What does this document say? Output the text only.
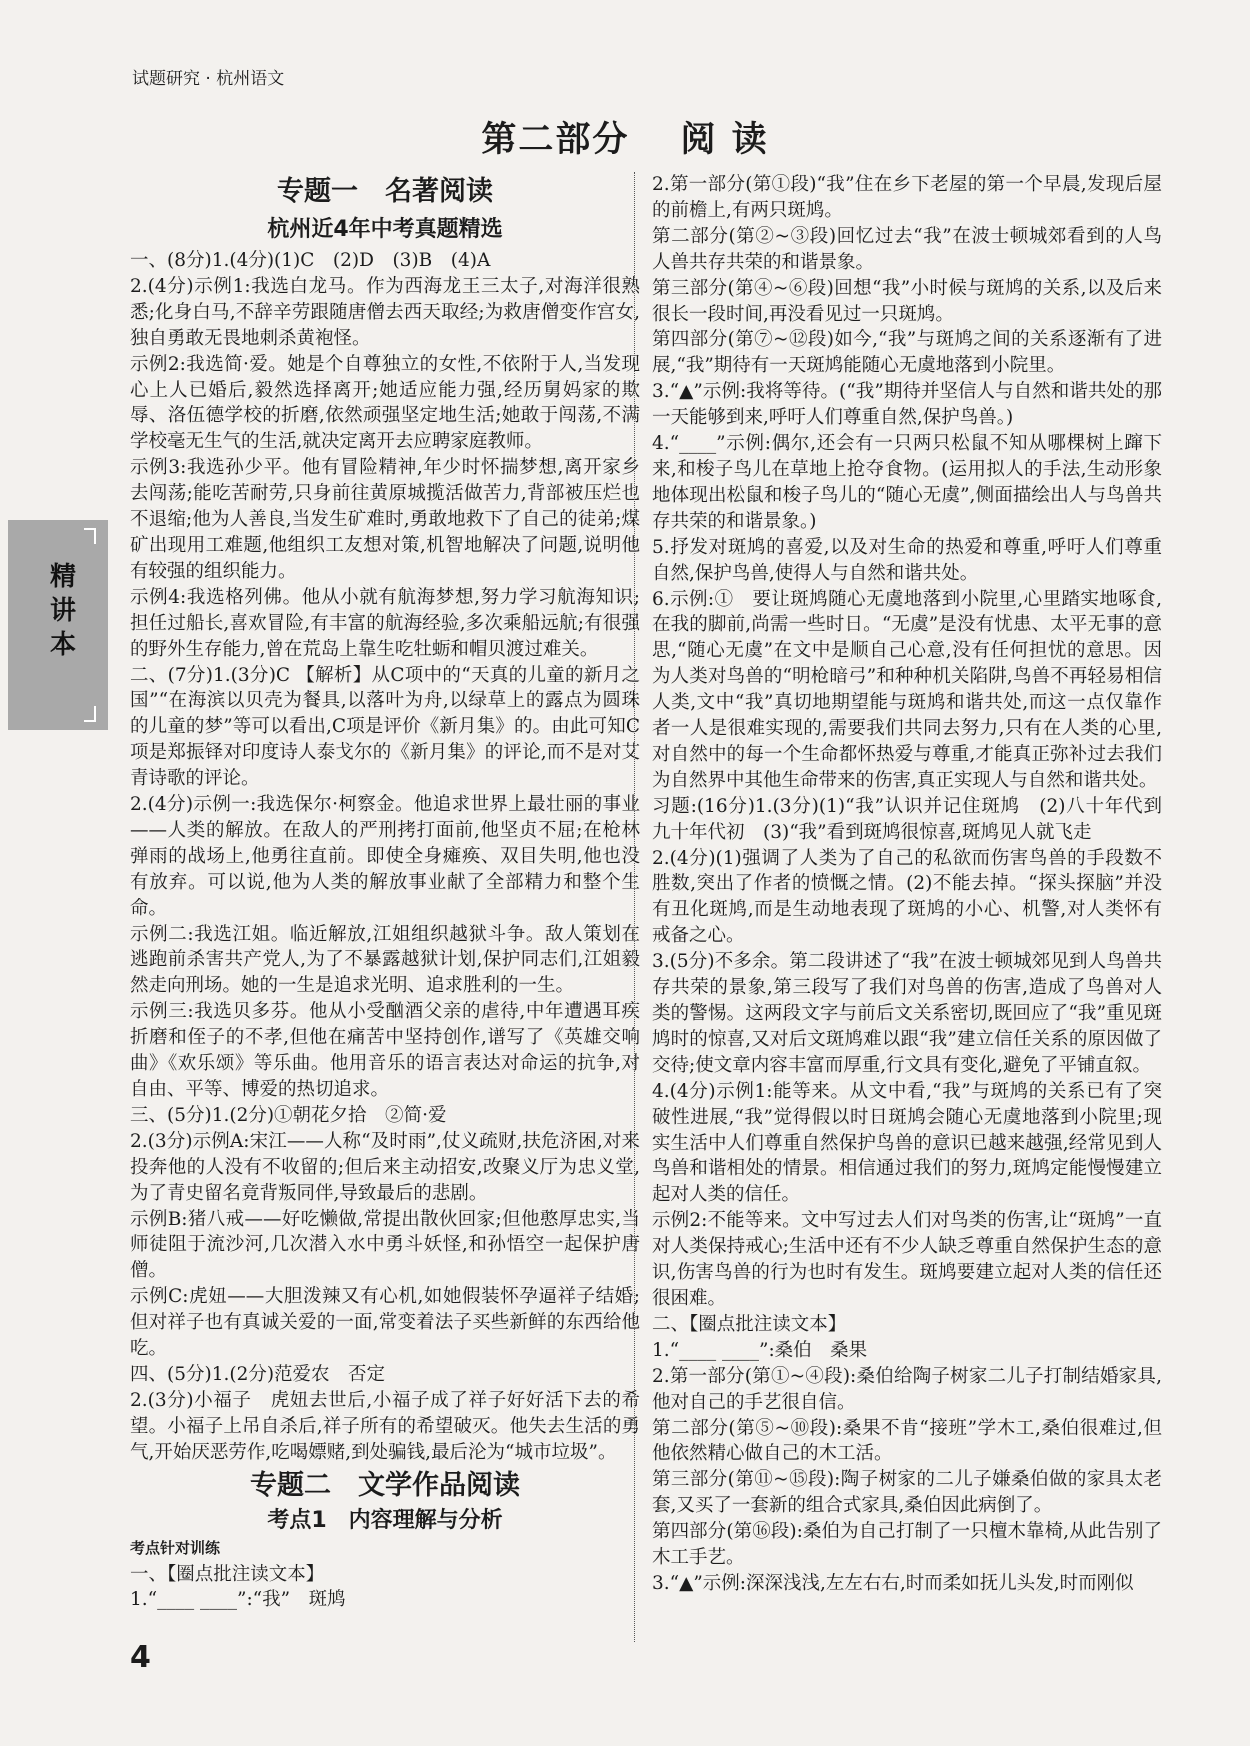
试题研究 · 杭州语文
第二部分　 阅 读
精讲本
专题一　名著阅读
杭州近4年中考真题精选
一、(8分)1.(4分)(1)C　(2)D　(3)B　(4)A
2.(4分)示例1:我选白龙马。作为西海龙王三太子,对海洋很熟悉;化身白马,不辞辛劳跟随唐僧去西天取经;为救唐僧变作宫女,独自勇敢无畏地刺杀黄袍怪。
示例2:我选简·爱。她是个自尊独立的女性,不依附于人,当发现心上人已婚后,毅然选择离开;她适应能力强,经历舅妈家的欺辱、洛伍德学校的折磨,依然顽强坚定地生活;她敢于闯荡,不满学校毫无生气的生活,就决定离开去应聘家庭教师。
示例3:我选孙少平。他有冒险精神,年少时怀揣梦想,离开家乡去闯荡;能吃苦耐劳,只身前往黄原城揽活做苦力,背部被压烂也不退缩;他为人善良,当发生矿难时,勇敢地救下了自己的徒弟;煤矿出现用工难题,他组织工友想对策,机智地解决了问题,说明他有较强的组织能力。
示例4:我选格列佛。他从小就有航海梦想,努力学习航海知识;担任过船长,喜欢冒险,有丰富的航海经验,多次乘船远航;有很强的野外生存能力,曾在荒岛上靠生吃牡蛎和帽贝渡过难关。
二、(7分)1.(3分)C 【解析】从C项中的“天真的儿童的新月之国”“在海滨以贝壳为餐具,以落叶为舟,以绿草上的露点为圆珠的儿童的梦”等可以看出,C项是评价《新月集》的。由此可知C项是郑振铎对印度诗人泰戈尔的《新月集》的评论,而不是对艾青诗歌的评论。
2.(4分)示例一:我选保尔·柯察金。他追求世界上最壮丽的事业——人类的解放。在敌人的严刑拷打面前,他坚贞不屈;在枪林弹雨的战场上,他勇往直前。即使全身瘫痪、双目失明,他也没有放弃。可以说,他为人类的解放事业献了全部精力和整个生命。
示例二:我选江姐。临近解放,江姐组织越狱斗争。敌人策划在逃跑前杀害共产党人,为了不暴露越狱计划,保护同志们,江姐毅然走向刑场。她的一生是追求光明、追求胜利的一生。
示例三:我选贝多芬。他从小受酗酒父亲的虐待,中年遭遇耳疾折磨和侄子的不孝,但他在痛苦中坚持创作,谱写了《英雄交响曲》《欢乐颂》等乐曲。他用音乐的语言表达对命运的抗争,对自由、平等、博爱的热切追求。
三、(5分)1.(2分)①朝花夕拾　②简·爱
2.(3分)示例A:宋江——人称“及时雨”,仗义疏财,扶危济困,对来投奔他的人没有不收留的;但后来主动招安,改聚义厅为忠义堂,为了青史留名竟背叛同伴,导致最后的悲剧。
示例B:猪八戒——好吃懒做,常提出散伙回家;但他憨厚忠实,当师徒阻于流沙河,几次潜入水中勇斗妖怪,和孙悟空一起保护唐僧。
示例C:虎妞——大胆泼辣又有心机,如她假装怀孕逼祥子结婚;但对祥子也有真诚关爱的一面,常变着法子买些新鲜的东西给他吃。
四、(5分)1.(2分)范爱农　否定
2.(3分)小福子　虎妞去世后,小福子成了祥子好好活下去的希望。小福子上吊自杀后,祥子所有的希望破灭。他失去生活的勇气,开始厌恶劳作,吃喝嫖赌,到处骗钱,最后沦为“城市垃圾”。
专题二　文学作品阅读
考点1　内容理解与分析
考点针对训练
一、【圈点批注读文本】
1.“____ ____”:“我”　斑鸠
2.第一部分(第①段)“我”住在乡下老屋的第一个早晨,发现后屋的前檐上,有两只斑鸠。
第二部分(第②~③段)回忆过去“我”在波士顿城郊看到的人鸟人兽共存共荣的和谐景象。
第三部分(第④~⑥段)回想“我”小时候与斑鸠的关系,以及后来很长一段时间,再没看见过一只斑鸠。
第四部分(第⑦~⑫段)如今,“我”与斑鸠之间的关系逐渐有了进展,“我”期待有一天斑鸠能随心无虞地落到小院里。
3.“▲”示例:我将等待。(“我”期待并坚信人与自然和谐共处的那一天能够到来,呼吁人们尊重自然,保护鸟兽。)
4.“____”示例:偶尔,还会有一只两只松鼠不知从哪棵树上蹿下来,和梭子鸟儿在草地上抢夺食物。(运用拟人的手法,生动形象地体现出松鼠和梭子鸟儿的“随心无虞”,侧面描绘出人与鸟兽共存共荣的和谐景象。)
5.抒发对斑鸠的喜爱,以及对生命的热爱和尊重,呼吁人们尊重自然,保护鸟兽,使得人与自然和谐共处。
6.示例:①　要让斑鸠随心无虞地落到小院里,心里踏实地啄食,在我的脚前,尚需一些时日。“无虞”是没有忧患、太平无事的意思,“随心无虞”在文中是顺自己心意,没有任何担忧的意思。因为人类对鸟兽的“明枪暗弓”和种种机关陷阱,鸟兽不再轻易相信人类,文中“我”真切地期望能与斑鸠和谐共处,而这一点仅靠作者一人是很难实现的,需要我们共同去努力,只有在人类的心里,对自然中的每一个生命都怀热爱与尊重,才能真正弥补过去我们为自然界中其他生命带来的伤害,真正实现人与自然和谐共处。
习题:(16分)1.(3分)(1)“我”认识并记住斑鸠　(2)八十年代到九十年代初　(3)“我”看到斑鸠很惊喜,斑鸠见人就飞走
2.(4分)(1)强调了人类为了自己的私欲而伤害鸟兽的手段数不胜数,突出了作者的愤慨之情。(2)不能去掉。“探头探脑”并没有丑化斑鸠,而是生动地表现了斑鸠的小心、机警,对人类怀有戒备之心。
3.(5分)不多余。第二段讲述了“我”在波士顿城郊见到人鸟兽共存共荣的景象,第三段写了我们对鸟兽的伤害,造成了鸟兽对人类的警惕。这两段文字与前后文关系密切,既回应了“我”重见斑鸠时的惊喜,又对后文斑鸠难以跟“我”建立信任关系的原因做了交待;使文章内容丰富而厚重,行文具有变化,避免了平铺直叙。
4.(4分)示例1:能等来。从文中看,“我”与斑鸠的关系已有了突破性进展,“我”觉得假以时日斑鸠会随心无虞地落到小院里;现实生活中人们尊重自然保护鸟兽的意识已越来越强,经常见到人鸟兽和谐相处的情景。相信通过我们的努力,斑鸠定能慢慢建立起对人类的信任。
示例2:不能等来。文中写过去人们对鸟类的伤害,让“斑鸠”一直对人类保持戒心;生活中还有不少人缺乏尊重自然保护生态的意识,伤害鸟兽的行为也时有发生。斑鸠要建立起对人类的信任还很困难。
二、【圈点批注读文本】
1.“____ ____”:桑伯　桑果
2.第一部分(第①~④段):桑伯给陶子树家二儿子打制结婚家具,他对自己的手艺很自信。
第二部分(第⑤~⑩段):桑果不肯“接班”学木工,桑伯很难过,但他依然精心做自己的木工活。
第三部分(第⑪~⑮段):陶子树家的二儿子嫌桑伯做的家具太老套,又买了一套新的组合式家具,桑伯因此病倒了。
第四部分(第⑯段):桑伯为自己打制了一只檀木靠椅,从此告别了木工手艺。
3.“▲”示例:深深浅浅,左左右右,时而柔如抚儿头发,时而刚似
4
